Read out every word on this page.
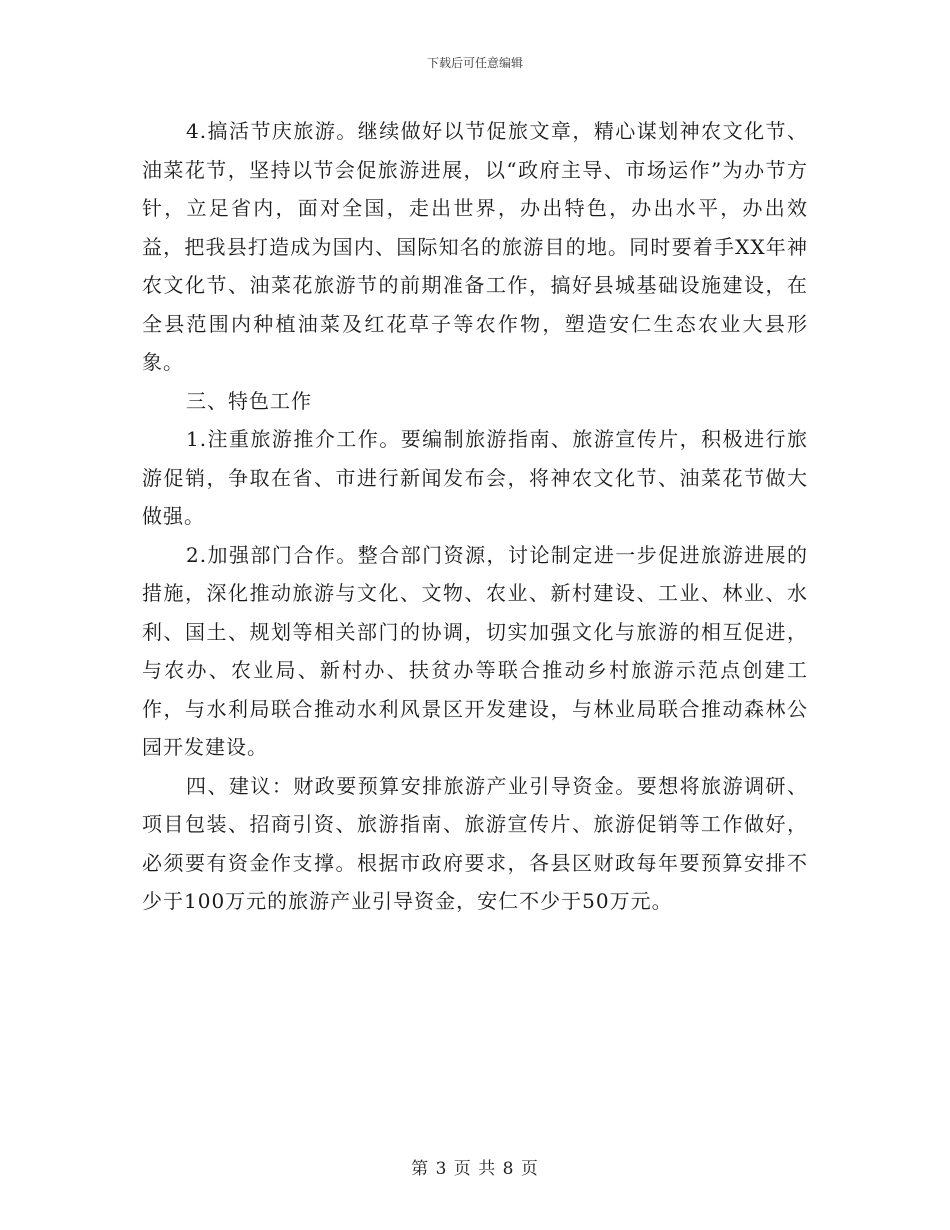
下载后可任意编辑

4.搞活节庆旅游。继续做好以节促旅文章，精心谋划神农文化节、油菜花节，坚持以节会促旅游进展，以“政府主导、市场运作”为办节方针，立足省内，面对全国，走出世界，办出特色，办出水平，办出效益，把我县打造成为国内、国际知名的旅游目的地。同时要着手XX年神农文化节、油菜花旅游节的前期准备工作，搞好县城基础设施建设，在全县范围内种植油菜及红花草子等农作物，塑造安仁生态农业大县形象。

三、特色工作

1.注重旅游推介工作。要编制旅游指南、旅游宣传片，积极进行旅游促销，争取在省、市进行新闻发布会，将神农文化节、油菜花节做大做强。

2.加强部门合作。整合部门资源，讨论制定进一步促进旅游进展的措施，深化推动旅游与文化、文物、农业、新村建设、工业、林业、水利、国土、规划等相关部门的协调，切实加强文化与旅游的相互促进，与农办、农业局、新村办、扶贫办等联合推动乡村旅游示范点创建工作，与水利局联合推动水利风景区开发建设，与林业局联合推动森林公园开发建设。

四、建议：财政要预算安排旅游产业引导资金。要想将旅游调研、项目包装、招商引资、旅游指南、旅游宣传片、旅游促销等工作做好，必须要有资金作支撑。根据市政府要求，各县区财政每年要预算安排不少于100万元的旅游产业引导资金，安仁不少于50万元。

第 3 页 共 8 页
